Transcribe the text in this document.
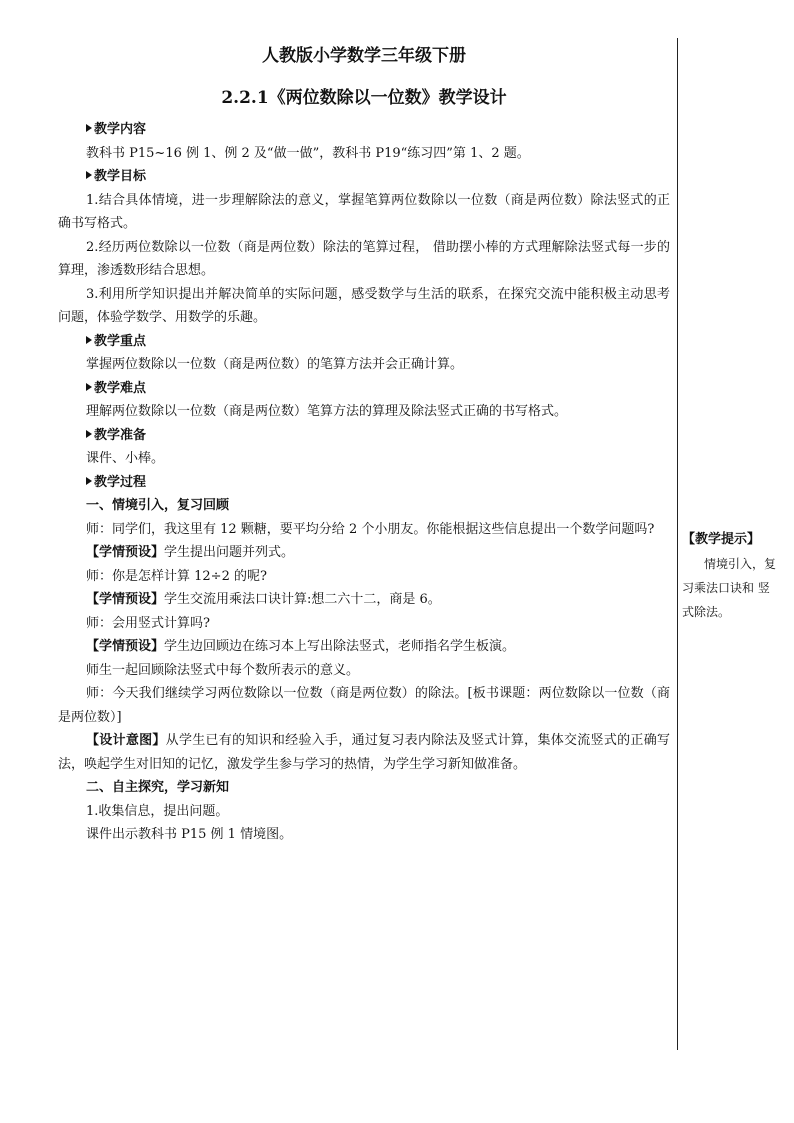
人教版小学数学三年级下册
2.2.1《两位数除以一位数》教学设计
教学内容
教科书 P15~16 例 1、例 2 及“做一做”，教科书 P19“练习四”第 1、2 题。
教学目标
1.结合具体情境，进一步理解除法的意义，掌握笔算两位数除以一位数（商是两位数）除法竖式的正确书写格式。
2.经历两位数除以一位数（商是两位数）除法的笔算过程， 借助摆小棒的方式理解除法竖式每一步的算理，渗透数形结合思想。
3.利用所学知识提出并解决简单的实际问题，感受数学与生活的联系，在探究交流中能积极主动思考问题，体验学数学、用数学的乐趣。
教学重点
掌握两位数除以一位数（商是两位数）的笔算方法并会正确计算。
教学难点
理解两位数除以一位数（商是两位数）笔算方法的算理及除法竖式正确的书写格式。
教学准备
课件、小棒。
教学过程
一、情境引入，复习回顾
师：同学们，我这里有 12 颗糖，要平均分给 2 个小朋友。你能根据这些信息提出一个数学问题吗?
【学情预设】学生提出问题并列式。
师：你是怎样计算 12÷2 的呢?
【学情预设】学生交流用乘法口诀计算:想二六十二，商是 6。
师：会用竖式计算吗?
【学情预设】学生边回顾边在练习本上写出除法竖式，老师指名学生板演。
师生一起回顾除法竖式中每个数所表示的意义。
师：今天我们继续学习两位数除以一位数（商是两位数）的除法。[板书课题：两位数除以一位数（商是两位数）]
【设计意图】从学生已有的知识和经验入手，通过复习表内除法及竖式计算，集体交流竖式的正确写法，唤起学生对旧知的记忆，激发学生参与学习的热情，为学生学习新知做准备。
二、自主探究，学习新知
1.收集信息，提出问题。
课件出示教科书 P15 例 1 情境图。
【教学提示】
情境引入，复习乘法口诀和 竖式除法。
